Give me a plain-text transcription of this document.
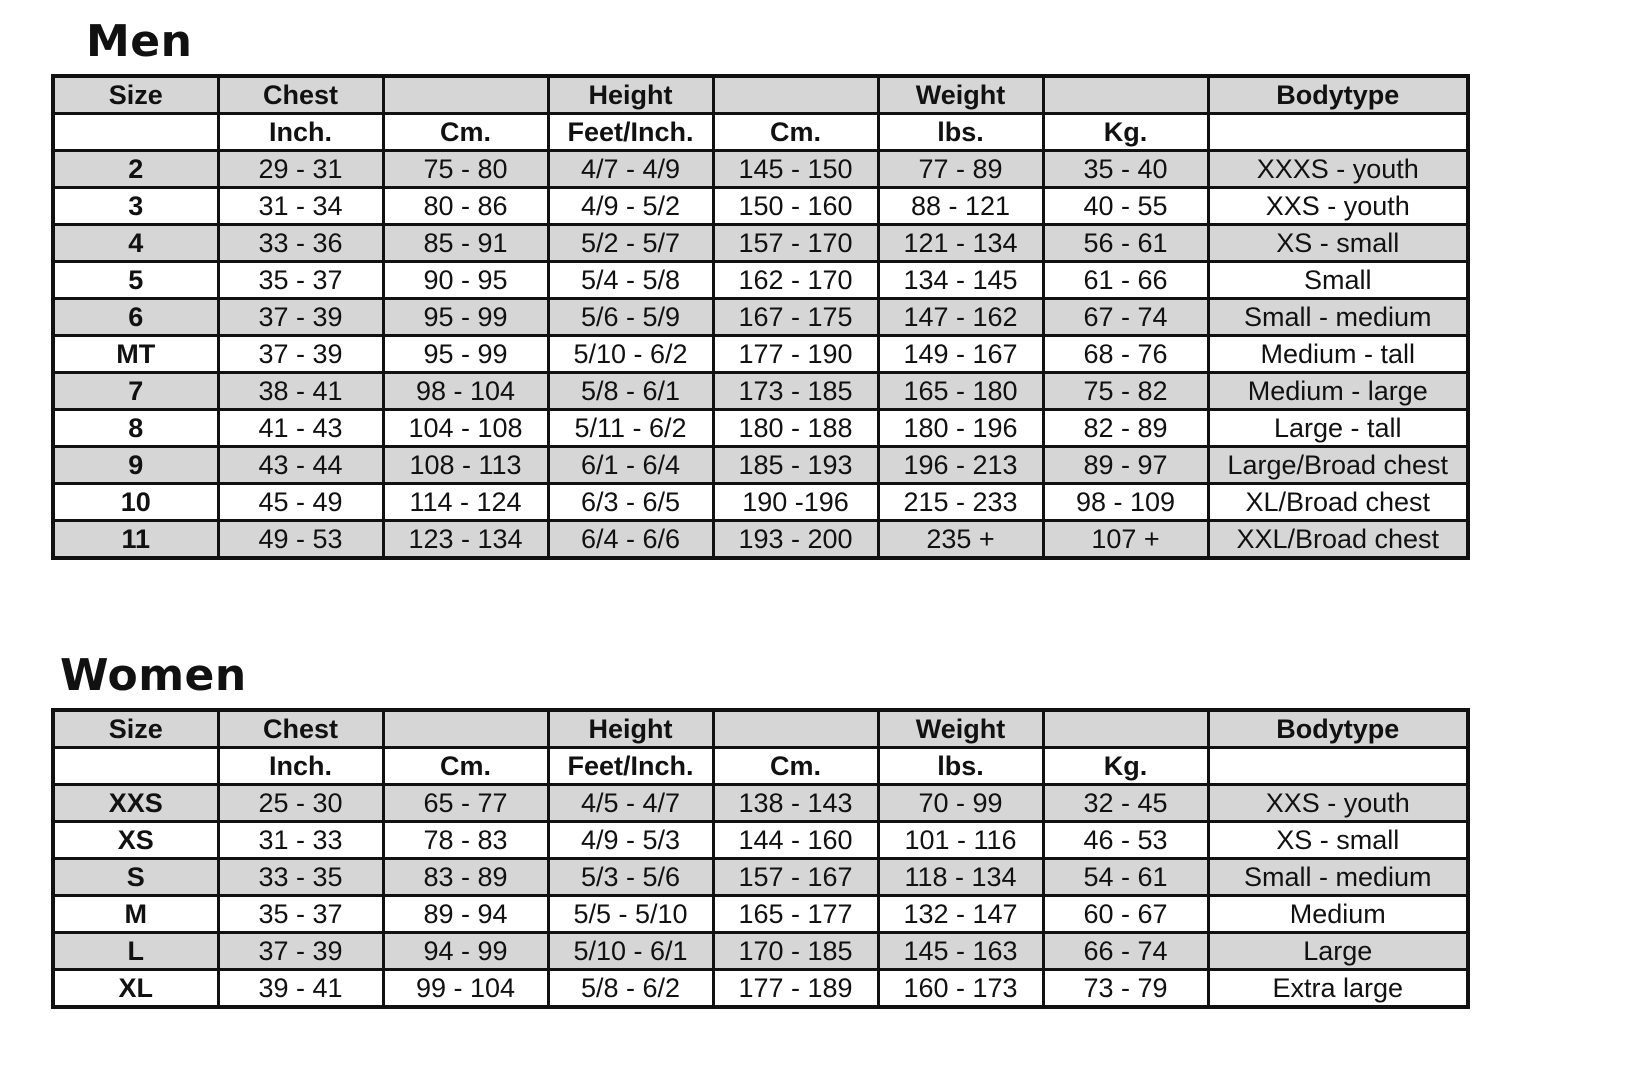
Men
Size	Chest		Height		Weight		Bodytype
	Inch.	Cm.	Feet/Inch.	Cm.	lbs.	Kg.	
2	29 - 31	75 - 80	4/7 - 4/9	145 - 150	77 - 89	35 - 40	XXXS - youth
3	31 - 34	80 - 86	4/9 - 5/2	150 - 160	88 - 121	40 - 55	XXS - youth
4	33 - 36	85 - 91	5/2 - 5/7	157 - 170	121 - 134	56 - 61	XS - small
5	35 - 37	90 - 95	5/4 - 5/8	162 - 170	134 - 145	61 - 66	Small
6	37 - 39	95 - 99	5/6 - 5/9	167 - 175	147 - 162	67 - 74	Small - medium
MT	37 - 39	95 - 99	5/10 - 6/2	177 - 190	149 - 167	68 - 76	Medium - tall
7	38 - 41	98 - 104	5/8 - 6/1	173 - 185	165 - 180	75 - 82	Medium - large
8	41 - 43	104 - 108	5/11 - 6/2	180 - 188	180 - 196	82 - 89	Large - tall
9	43 - 44	108 - 113	6/1 - 6/4	185 - 193	196 - 213	89 - 97	Large/Broad chest
10	45 - 49	114 - 124	6/3 - 6/5	190 -196	215 - 233	98 - 109	XL/Broad chest
11	49 - 53	123 - 134	6/4 - 6/6	193 - 200	235 +	107 +	XXL/Broad chest
Women
Size	Chest		Height		Weight		Bodytype
	Inch.	Cm.	Feet/Inch.	Cm.	lbs.	Kg.	
XXS	25 - 30	65 - 77	4/5 - 4/7	138 - 143	70 - 99	32 - 45	XXS - youth
XS	31 - 33	78 - 83	4/9 - 5/3	144 - 160	101 - 116	46 - 53	XS - small
S	33 - 35	83 - 89	5/3 - 5/6	157 - 167	118 - 134	54 - 61	Small - medium
M	35 - 37	89 - 94	5/5 - 5/10	165 - 177	132 - 147	60 - 67	Medium
L	37 - 39	94 - 99	5/10 - 6/1	170 - 185	145 - 163	66 - 74	Large
XL	39 - 41	99 - 104	5/8 - 6/2	177 - 189	160 - 173	73 - 79	Extra large
